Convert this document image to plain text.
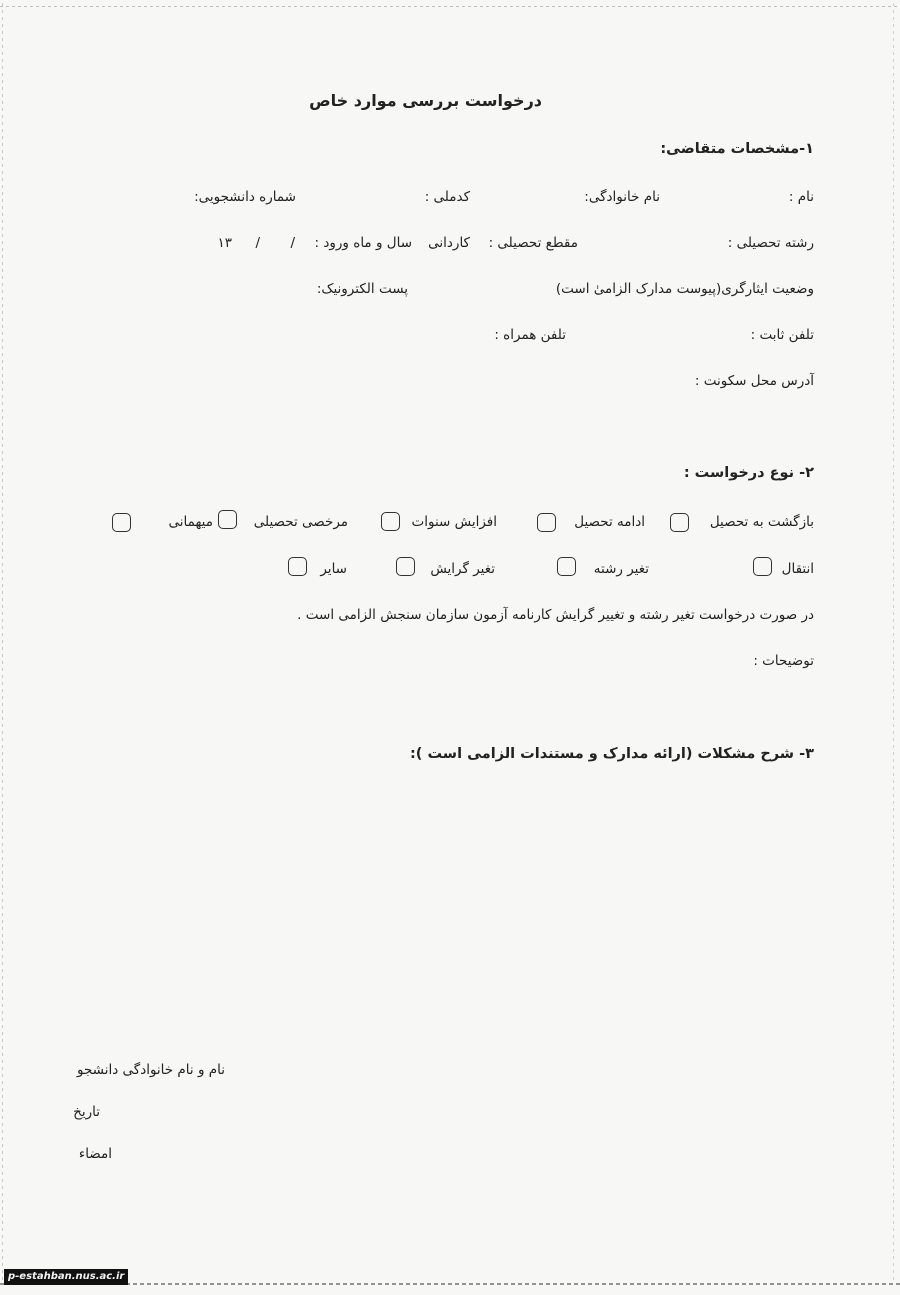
درخواست بررسی موارد خاص
۱-مشخصات متقاضی:
نام :
نام خانوادگی:
کدملی :
شماره دانشجویی:
رشته تحصیلی :
مقطع تحصیلی :
کاردانی
سال و ماه ورود :
/
/
۱۳
وضعیت ایثارگری(پیوست مدارک الزامیٰ است)
پست الکترونیک:
تلفن ثابت :
تلفن همراه :
آدرس محل سکونت :
۲- نوع درخواست :
بازگشت به تحصیل
ادامه تحصیل
افزایش سنوات
مرخصی تحصیلی
میهمانی
انتقال
تغیر رشته
تغیر گرایش
سایر
در صورت درخواست تغیر رشته و تغییر گرایش کارنامه آزمون سازمان سنجش الزامی است .
توضیحات :
۳- شرح مشکلات (ارائه مدارک و مستندات الزامی است ):
نام و نام خانوادگی دانشجو
تاریخ
امضاء
p-estahban.nus.ac.ir
